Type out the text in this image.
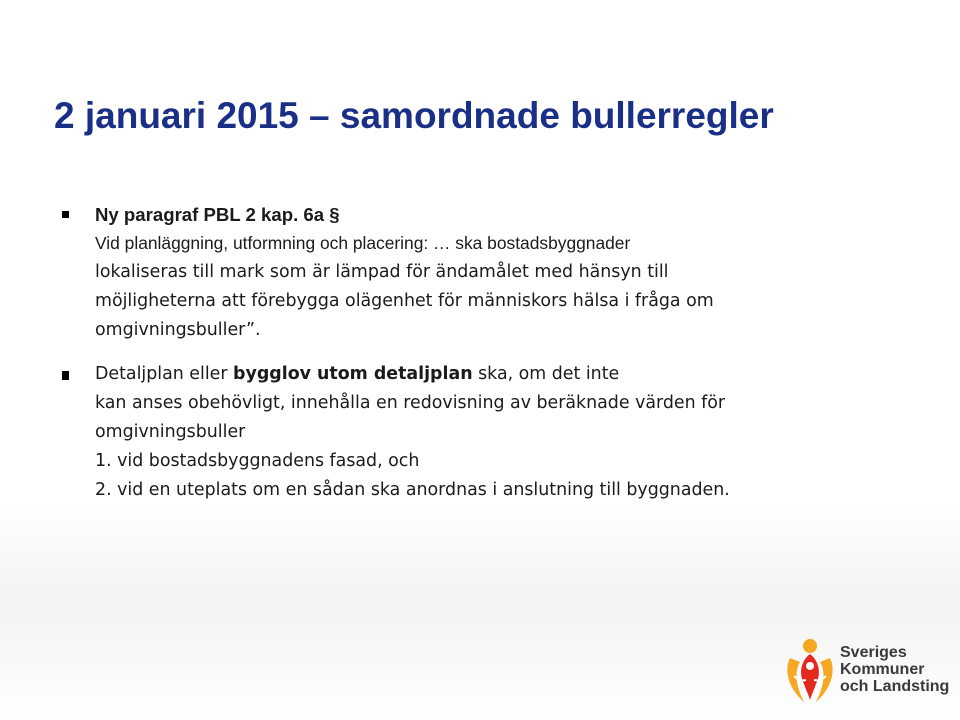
2 januari 2015 – samordnade bullerregler
Ny paragraf PBL 2 kap. 6a §
Vid planläggning, utformning och placering: … ska bostadsbyggnader
lokaliseras till mark som är lämpad för ändamålet med hänsyn till
möjligheterna att förebygga olägenhet för människors hälsa i fråga om
omgivningsbuller”.
Detaljplan eller bygglov utom detaljplan ska, om det inte
kan anses obehövligt, innehålla en redovisning av beräknade värden för
omgivningsbuller
1. vid bostadsbyggnadens fasad, och
2. vid en uteplats om en sådan ska anordnas i anslutning till byggnaden.
Sveriges
Kommuner
och Landsting
